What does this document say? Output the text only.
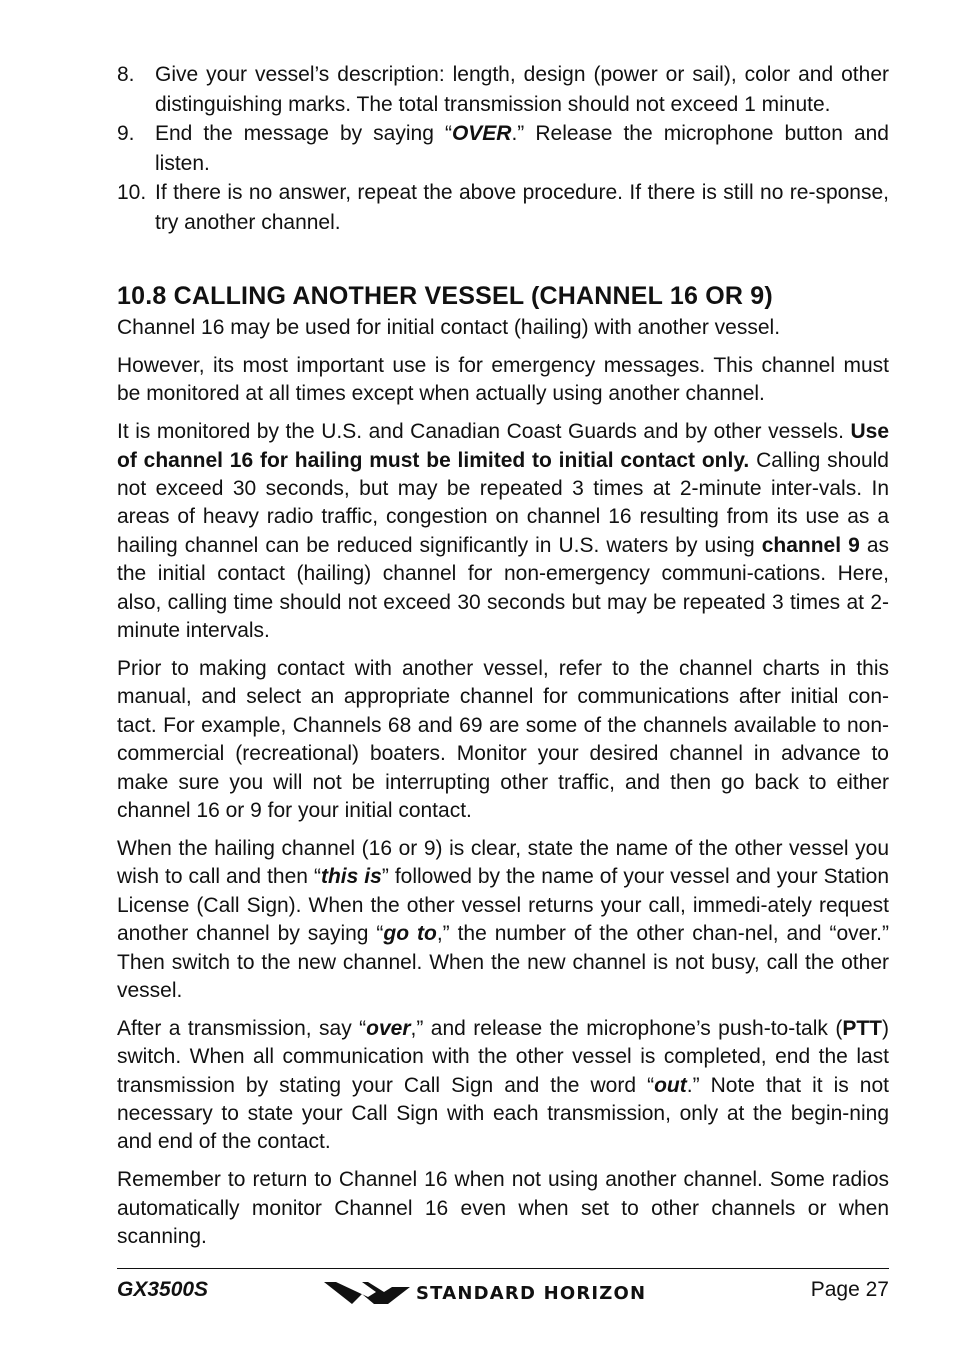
8. Give your vessel’s description: length, design (power or sail), color and other distinguishing marks. The total transmission should not exceed 1 minute.
9. End the message by saying “OVER.” Release the microphone button and listen.
10. If there is no answer, repeat the above procedure. If there is still no re-sponse, try another channel.
10.8 CALLING ANOTHER VESSEL (CHANNEL 16 OR 9)

Channel 16 may be used for initial contact (hailing) with another vessel.

However, its most important use is for emergency messages. This channel must be monitored at all times except when actually using another channel.

It is monitored by the U.S. and Canadian Coast Guards and by other vessels. Use of channel 16 for hailing must be limited to initial contact only. Calling should not exceed 30 seconds, but may be repeated 3 times at 2-minute inter-vals. In areas of heavy radio traffic, congestion on channel 16 resulting from its use as a hailing channel can be reduced significantly in U.S. waters by using channel 9 as the initial contact (hailing) channel for non-emergency communi-cations. Here, also, calling time should not exceed 30 seconds but may be repeated 3 times at 2-minute intervals.

Prior to making contact with another vessel, refer to the channel charts in this manual, and select an appropriate channel for communications after initial con-tact. For example, Channels 68 and 69 are some of the channels available to non-commercial (recreational) boaters. Monitor your desired channel in advance to make sure you will not be interrupting other traffic, and then go back to either channel 16 or 9 for your initial contact.

When the hailing channel (16 or 9) is clear, state the name of the other vessel you wish to call and then “this is” followed by the name of your vessel and your Station License (Call Sign). When the other vessel returns your call, immedi-ately request another channel by saying “go to,” the number of the other chan-nel, and “over.” Then switch to the new channel. When the new channel is not busy, call the other vessel.

After a transmission, say “over,” and release the microphone’s push-to-talk (PTT) switch. When all communication with the other vessel is completed, end the last transmission by stating your Call Sign and the word “out.” Note that it is not necessary to state your Call Sign with each transmission, only at the begin-ning and end of the contact.

Remember to return to Channel 16 when not using another channel. Some radios automatically monitor Channel 16 even when set to other channels or when scanning.

GX3500S	STANDARD HORIZON	Page 27
